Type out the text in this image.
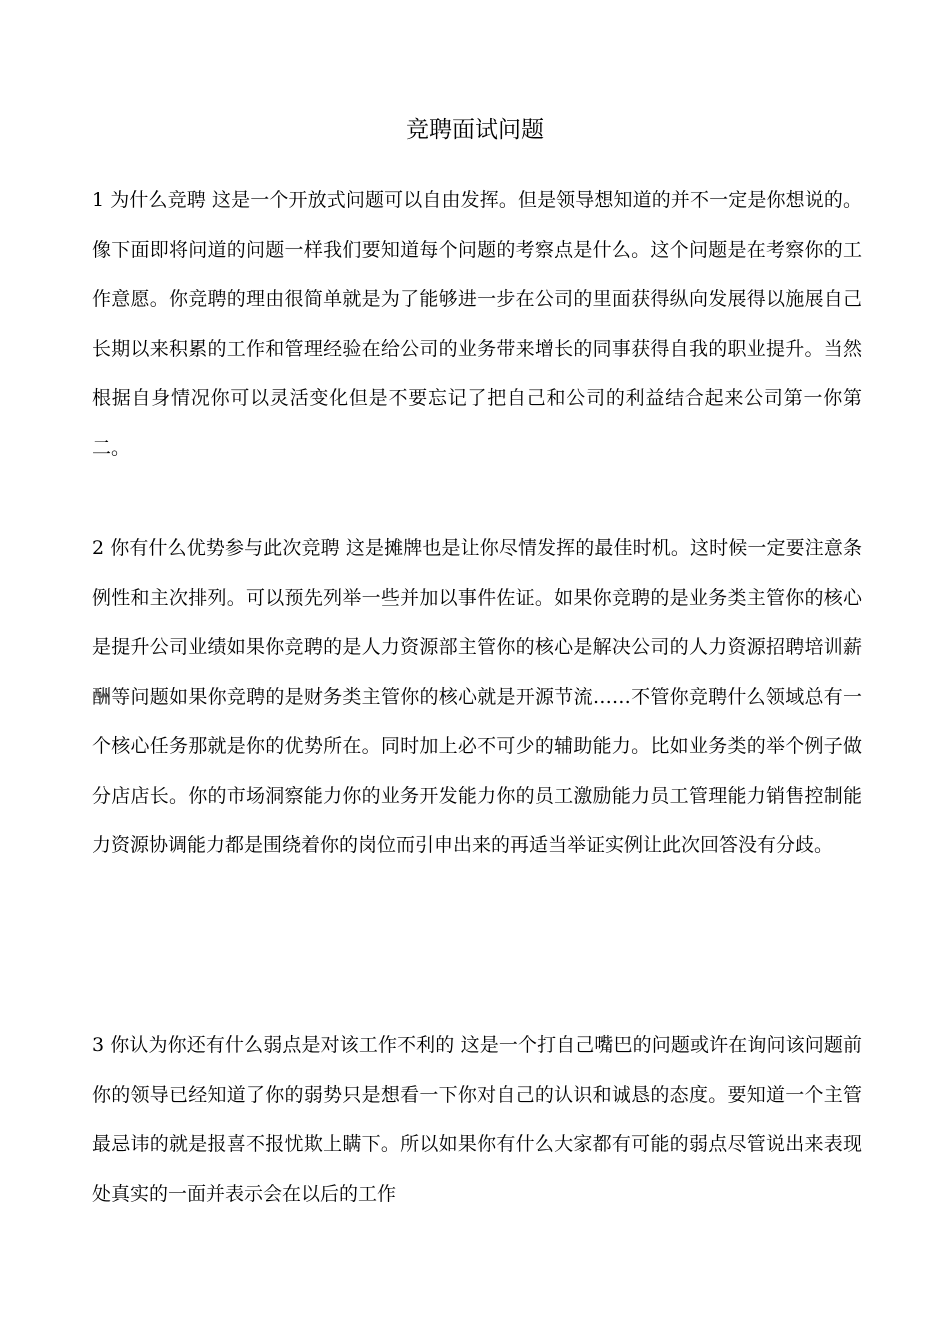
竞聘面试问题

1 为什么竞聘 这是一个开放式问题可以自由发挥。但是领导想知道的并不一定是你想说的。像下面即将问道的问题一样我们要知道每个问题的考察点是什么。这个问题是在考察你的工作意愿。你竞聘的理由很简单就是为了能够进一步在公司的里面获得纵向发展得以施展自己长期以来积累的工作和管理经验在给公司的业务带来增长的同事获得自我的职业提升。当然根据自身情况你可以灵活变化但是不要忘记了把自己和公司的利益结合起来公司第一你第二。

2 你有什么优势参与此次竞聘 这是摊牌也是让你尽情发挥的最佳时机。这时候一定要注意条例性和主次排列。可以预先列举一些并加以事件佐证。如果你竞聘的是业务类主管你的核心是提升公司业绩如果你竞聘的是人力资源部主管你的核心是解决公司的人力资源招聘培训薪酬等问题如果你竞聘的是财务类主管你的核心就是开源节流……不管你竞聘什么领域总有一个核心任务那就是你的优势所在。同时加上必不可少的辅助能力。比如业务类的举个例子做分店店长。你的市场洞察能力你的业务开发能力你的员工激励能力员工管理能力销售控制能力资源协调能力都是围绕着你的岗位而引申出来的再适当举证实例让此次回答没有分歧。

3 你认为你还有什么弱点是对该工作不利的 这是一个打自己嘴巴的问题或许在询问该问题前你的领导已经知道了你的弱势只是想看一下你对自己的认识和诚恳的态度。要知道一个主管最忌讳的就是报喜不报忧欺上瞒下。所以如果你有什么大家都有可能的弱点尽管说出来表现处真实的一面并表示会在以后的工作
